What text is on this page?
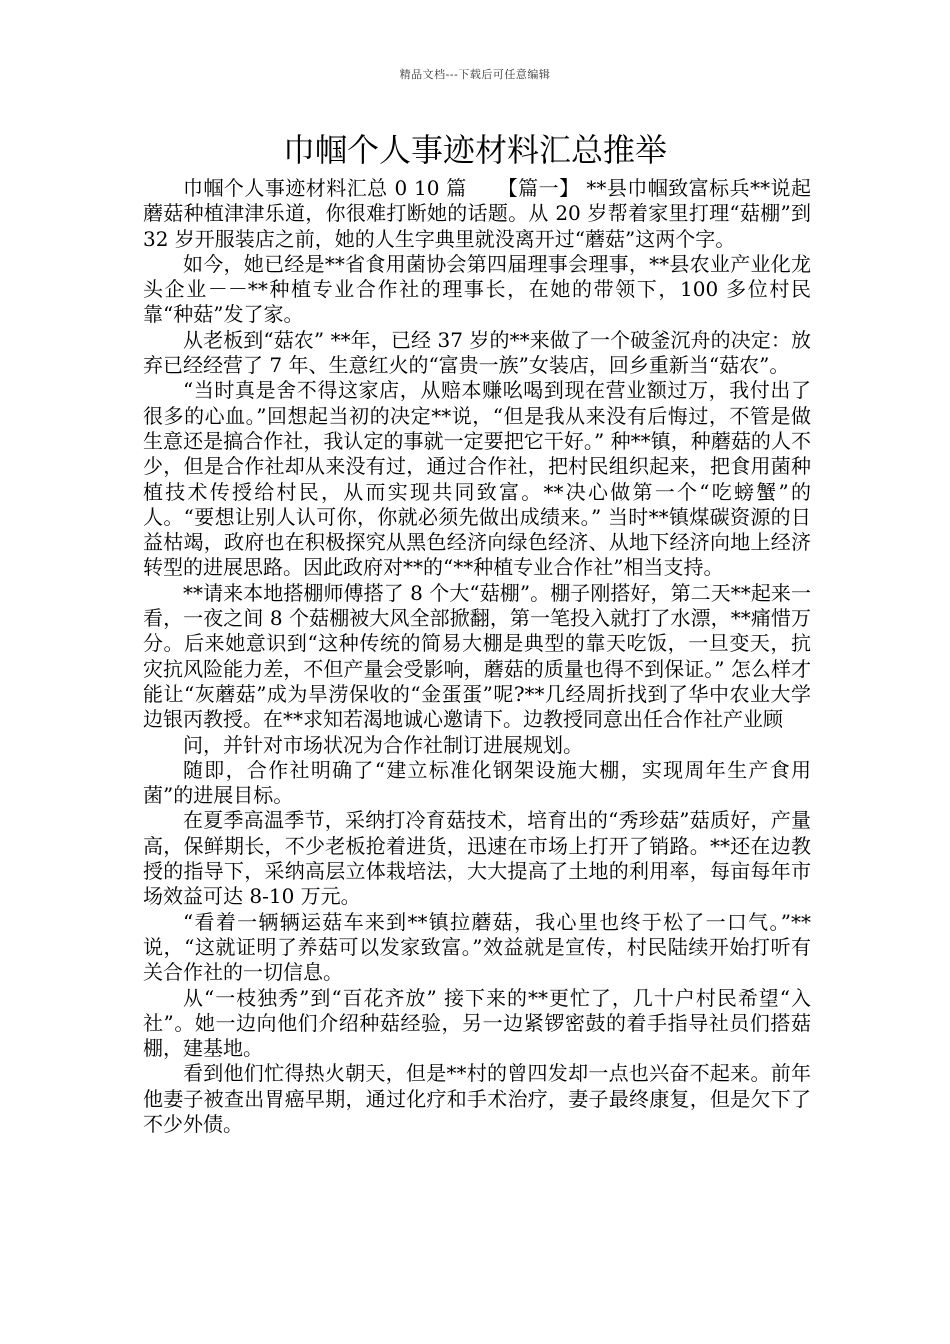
精品文档---下载后可任意编辑
巾帼个人事迹材料汇总推举

巾帼个人事迹材料汇总 0 10 篇　　【篇一】 **县巾帼致富标兵**说起蘑菇种植津津乐道，你很难打断她的话题。从 20 岁帮着家里打理“菇棚”到 32 岁开服装店之前，她的人生字典里就没离开过“蘑菇”这两个字。

如今，她已经是**省食用菌协会第四届理事会理事，**县农业产业化龙头企业－－**种植专业合作社的理事长，在她的带领下，100 多位村民靠“种菇”发了家。

从老板到“菇农” **年，已经 37 岁的**来做了一个破釜沉舟的决定：放弃已经经营了 7 年、生意红火的“富贵一族”女装店，回乡重新当“菇农”。

“当时真是舍不得这家店，从赔本赚吆喝到现在营业额过万，我付出了很多的心血。”回想起当初的决定**说，“但是我从来没有后悔过，不管是做生意还是搞合作社，我认定的事就一定要把它干好。” 种**镇，种蘑菇的人不少，但是合作社却从来没有过，通过合作社，把村民组织起来，把食用菌种植技术传授给村民，从而实现共同致富。**决心做第一个“吃螃蟹”的人。“要想让别人认可你，你就必须先做出成绩来。” 当时**镇煤碳资源的日益枯竭，政府也在积极探究从黑色经济向绿色经济、从地下经济向地上经济转型的进展思路。因此政府对**的“**种植专业合作社”相当支持。

**请来本地搭棚师傅搭了 8 个大“菇棚”。棚子刚搭好，第二天**起来一看，一夜之间 8 个菇棚被大风全部掀翻，第一笔投入就打了水漂，**痛惜万分。后来她意识到“这种传统的简易大棚是典型的靠天吃饭，一旦变天，抗灾抗风险能力差，不但产量会受影响，蘑菇的质量也得不到保证。” 怎么样才能让“灰蘑菇”成为旱涝保收的“金蛋蛋”呢?**几经周折找到了华中农业大学边银丙教授。在**求知若渴地诚心邀请下。边教授同意出任合作社产业顾

问，并针对市场状况为合作社制订进展规划。

随即，合作社明确了“建立标准化钢架设施大棚，实现周年生产食用菌”的进展目标。

在夏季高温季节，采纳打冷育菇技术，培育出的“秀珍菇”菇质好，产量高，保鲜期长，不少老板抢着进货，迅速在市场上打开了销路。**还在边教授的指导下，采纳高层立体栽培法，大大提高了土地的利用率，每亩每年市场效益可达 8-10 万元。

“看着一辆辆运菇车来到**镇拉蘑菇，我心里也终于松了一口气。”**说，“这就证明了养菇可以发家致富。”效益就是宣传，村民陆续开始打听有关合作社的一切信息。

从“一枝独秀”到“百花齐放” 接下来的**更忙了，几十户村民希望“入社”。她一边向他们介绍种菇经验，另一边紧锣密鼓的着手指导社员们搭菇棚，建基地。

看到他们忙得热火朝天，但是**村的曾四发却一点也兴奋不起来。前年他妻子被查出胃癌早期，通过化疗和手术治疗，妻子最终康复，但是欠下了不少外债。
